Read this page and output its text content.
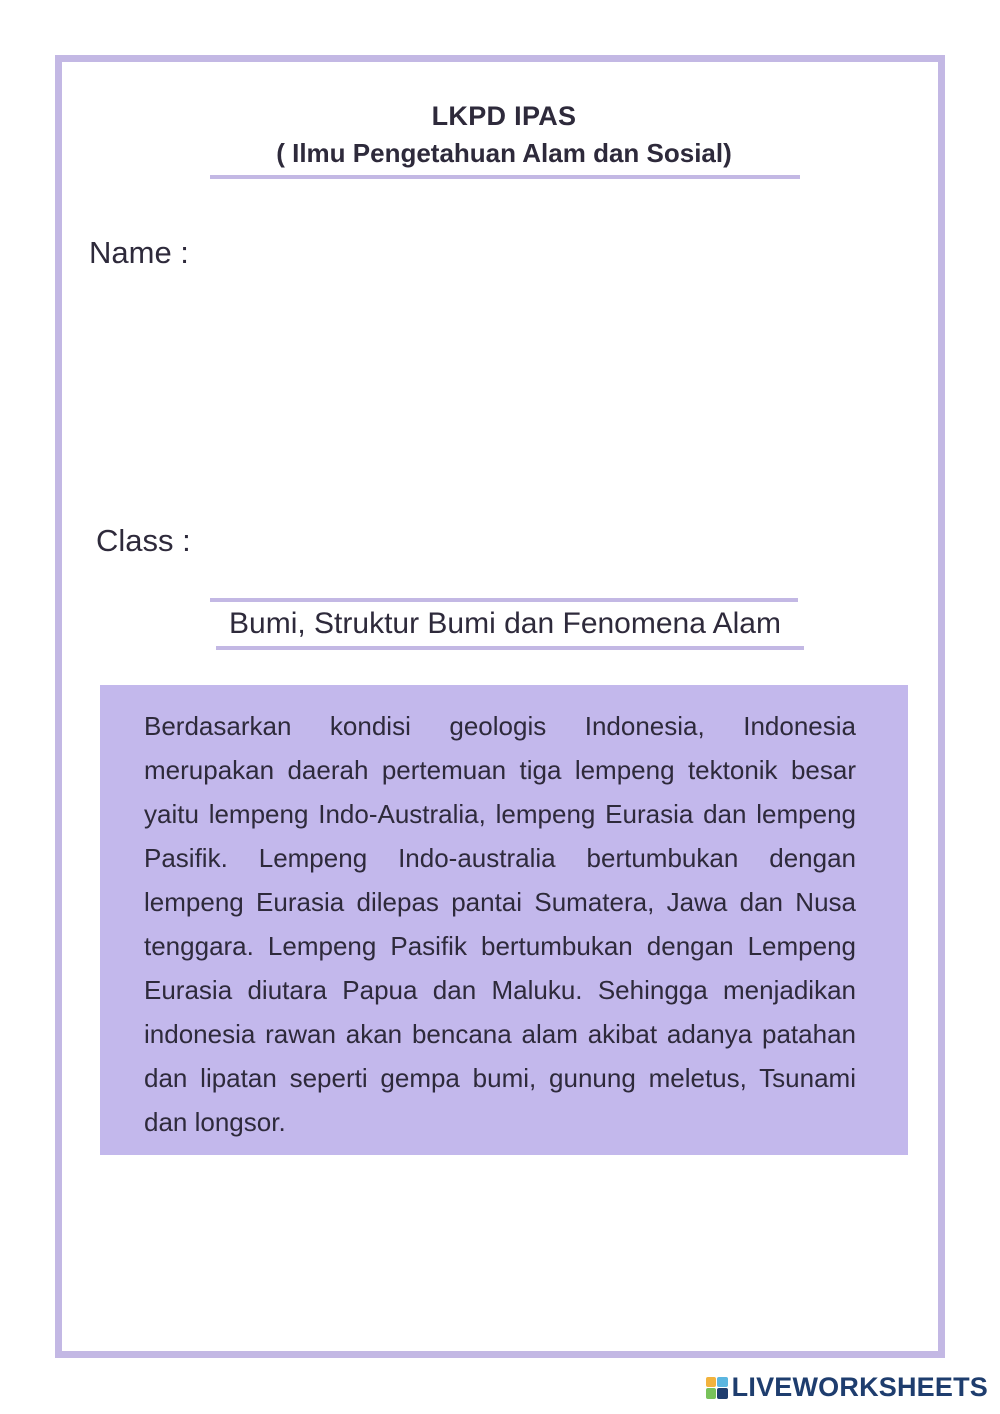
LKPD IPAS
( Ilmu Pengetahuan Alam dan Sosial)
Name :
Class :
Bumi, Struktur Bumi dan Fenomena Alam

Berdasarkan kondisi geologis Indonesia, Indonesia merupakan daerah pertemuan tiga lempeng tektonik besar yaitu lempeng Indo-Australia, lempeng Eurasia dan lempeng Pasifik. Lempeng Indo-australia bertumbukan dengan lempeng Eurasia dilepas pantai Sumatera, Jawa dan Nusa tenggara. Lempeng Pasifik bertumbukan dengan Lempeng Eurasia diutara Papua dan Maluku. Sehingga menjadikan indonesia rawan akan bencana alam akibat adanya patahan dan lipatan seperti gempa bumi, gunung meletus, Tsunami dan longsor.

LIVEWORKSHEETS
